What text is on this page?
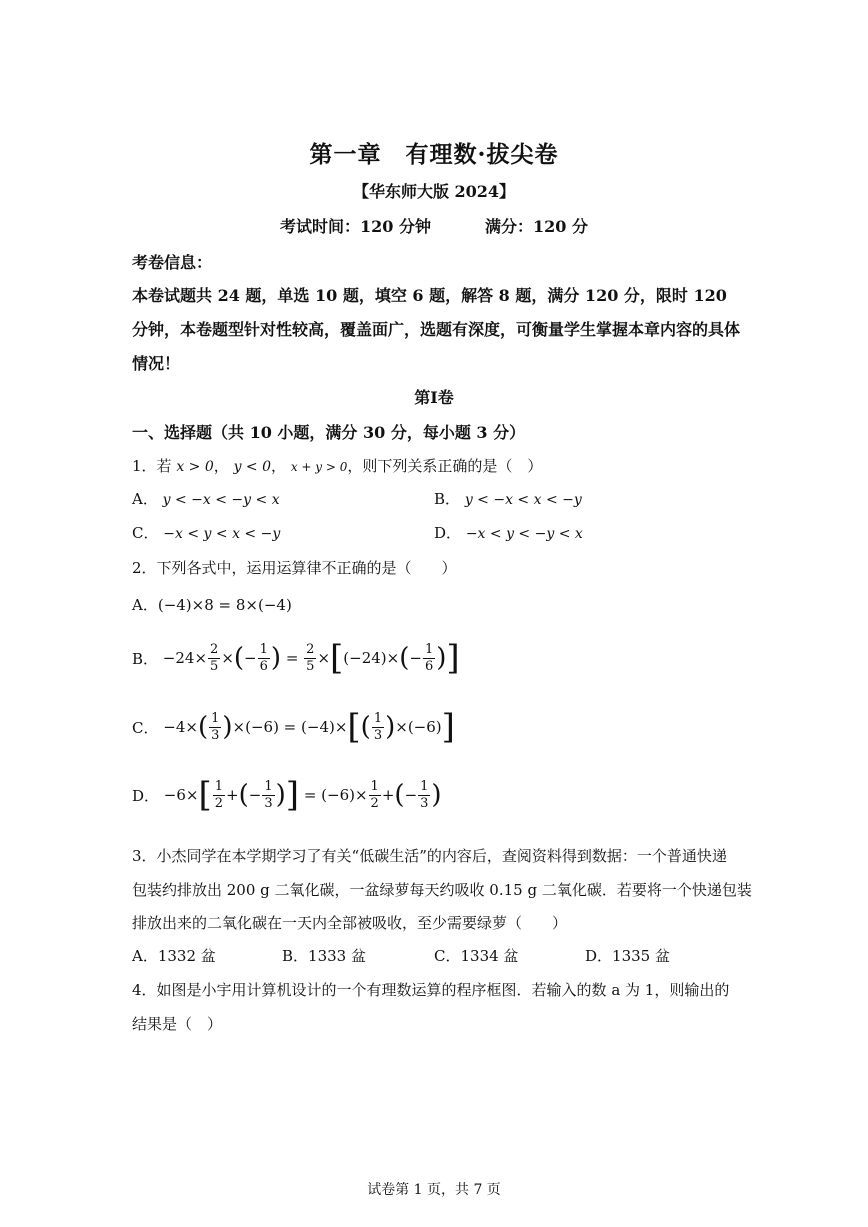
第一章　有理数·拔尖卷
【华东师大版 2024】
考试时间：120 分钟	满分：120 分
考卷信息：
本卷试题共 24 题，单选 10 题，填空 6 题，解答 8 题，满分 120 分，限时 120 分钟，本卷题型针对性较高，覆盖面广，选题有深度，可衡量学生掌握本章内容的具体情况！
第Ⅰ卷
一、选择题（共 10 小题，满分 30 分，每小题 3 分）
1．若 x > 0， y < 0， x + y > 0，则下列关系正确的是（　）
A． y < −x < −y < x	B． y < −x < x < −y
C． −x < y < x < −y	D． −x < y < −y < x
2．下列各式中，运用运算律不正确的是（　　）
A． (−4)×8 = 8×(−4)
B． $-24\times \frac{2}{5}$ × ( − $\frac{1}{6}$ ) = $\frac{2}{5}$ × [ (−24)× ( − $\frac{1}{6}$ ) ]
C． −4× ( $\frac{1}{3}$ ) ×(−6) = (−4)× [ ( $\frac{1}{3}$ ) ×(−6) ]
D． −6× [ $\frac{1}{2}$ + ( − $\frac{1}{3}$ ) ] = $(-6)\times \frac{1}{2}$ + ( − $\frac{1}{3}$ )
3．小杰同学在本学期学习了有关“低碳生活”的内容后，查阅资料得到数据：一个普通快递
包装约排放出 200 g 二氧化碳，一盆绿萝每天约吸收 0.15 g 二氧化碳．若要将一个快递包装
排放出来的二氧化碳在一天内全部被吸收，至少需要绿萝（　　）
A．1332 盆	B．1333 盆	C．1334 盆	D．1335 盆
4．如图是小宇用计算机设计的一个有理数运算的程序框图．若输入的数 a 为 1，则输出的
结果是（　）
试卷第 1 页，共 7 页
